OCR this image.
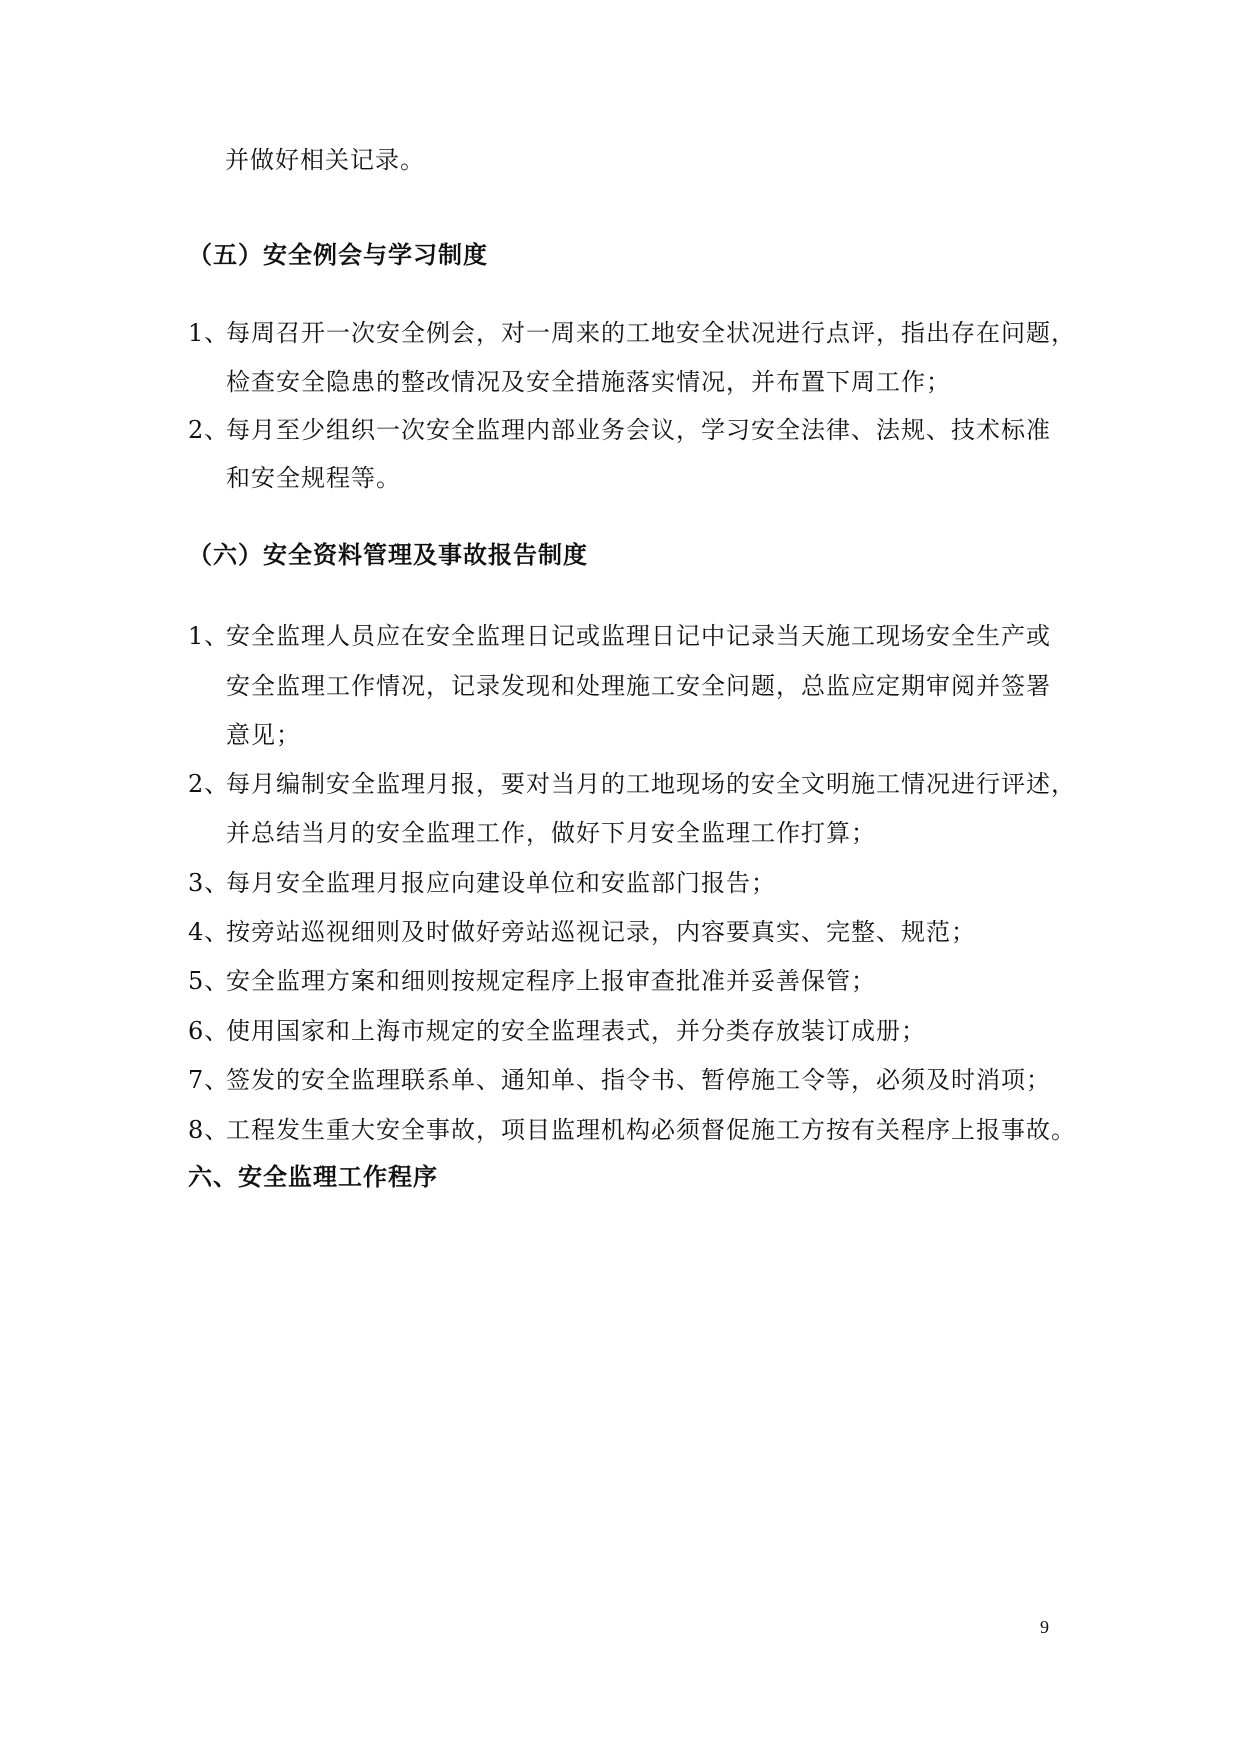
并做好相关记录。
（五）安全例会与学习制度
1、每周召开一次安全例会，对一周来的工地安全状况进行点评，指出存在问题，
检查安全隐患的整改情况及安全措施落实情况，并布置下周工作；
2、每月至少组织一次安全监理内部业务会议，学习安全法律、法规、技术标准
和安全规程等。
（六）安全资料管理及事故报告制度
1、安全监理人员应在安全监理日记或监理日记中记录当天施工现场安全生产或
安全监理工作情况，记录发现和处理施工安全问题，总监应定期审阅并签署
意见；
2、每月编制安全监理月报，要对当月的工地现场的安全文明施工情况进行评述，
并总结当月的安全监理工作，做好下月安全监理工作打算；
3、每月安全监理月报应向建设单位和安监部门报告；
4、按旁站巡视细则及时做好旁站巡视记录，内容要真实、完整、规范；
5、安全监理方案和细则按规定程序上报审查批准并妥善保管；
6、使用国家和上海市规定的安全监理表式，并分类存放装订成册；
7、签发的安全监理联系单、通知单、指令书、暂停施工令等，必须及时消项；
8、工程发生重大安全事故，项目监理机构必须督促施工方按有关程序上报事故。
六、安全监理工作程序
9
